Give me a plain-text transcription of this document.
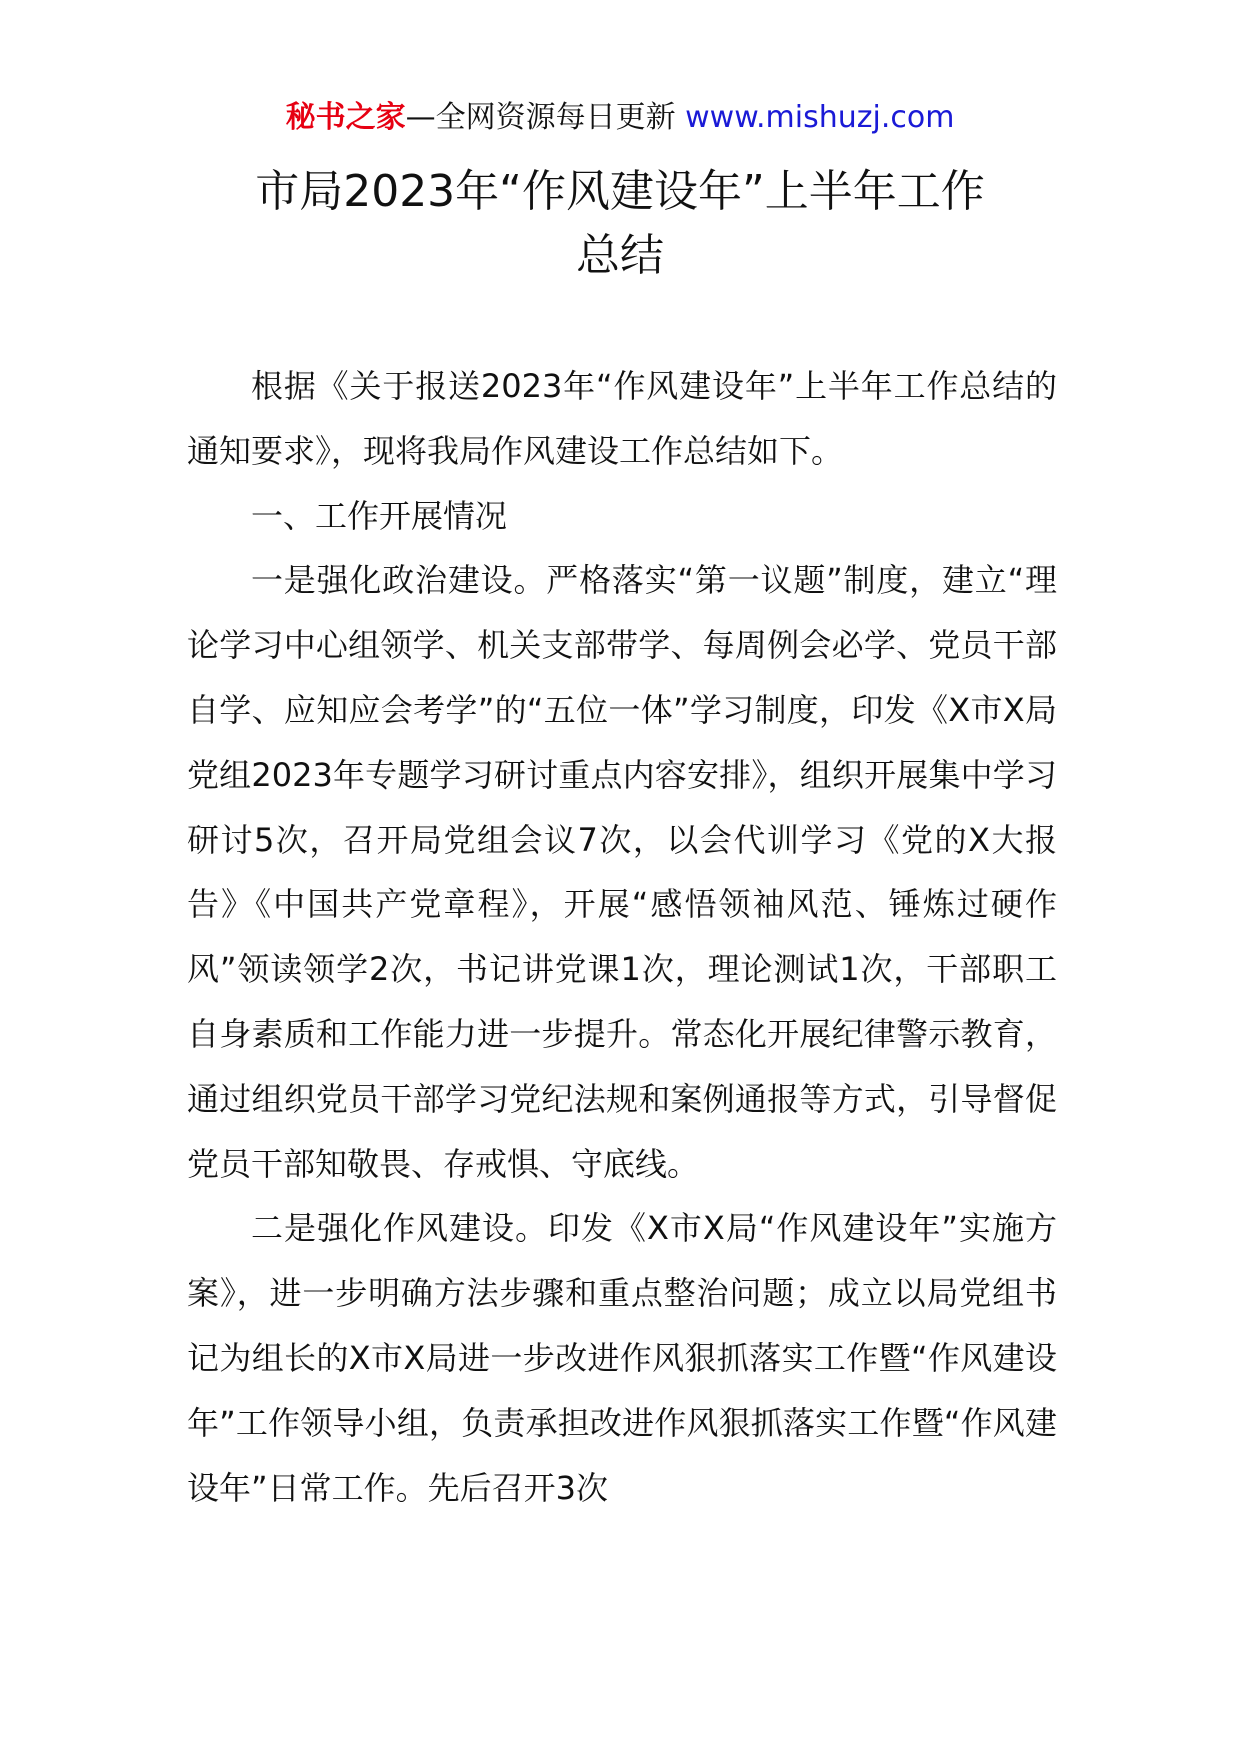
秘书之家—全网资源每日更新 www.mishuzj.com
市局2023年“作风建设年”上半年工作
总结

根据《关于报送2023年“作风建设年”上半年工作总结的通知要求》，现将我局作风建设工作总结如下。

一、工作开展情况

一是强化政治建设。严格落实“第一议题”制度，建立“理论学习中心组领学、机关支部带学、每周例会必学、党员干部自学、应知应会考学”的“五位一体”学习制度，印发《X市X局党组2023年专题学习研讨重点内容安排》，组织开展集中学习研讨5次，召开局党组会议7次，以会代训学习《党的X大报告》《中国共产党章程》，开展“感悟领袖风范、锤炼过硬作风”领读领学2次，书记讲党课1次，理论测试1次，干部职工自身素质和工作能力进一步提升。常态化开展纪律警示教育，通过组织党员干部学习党纪法规和案例通报等方式，引导督促党员干部知敬畏、存戒惧、守底线。

二是强化作风建设。印发《X市X局“作风建设年”实施方案》，进一步明确方法步骤和重点整治问题；成立以局党组书记为组长的X市X局进一步改进作风狠抓落实工作暨“作风建设年”工作领导小组，负责承担改进作风狠抓落实工作暨“作风建设年”日常工作。先后召开3次
